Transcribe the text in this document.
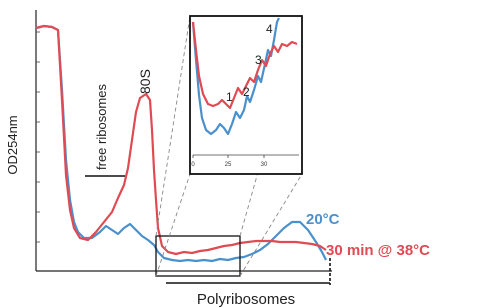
OD254nm	free ribosomes
80S
0	25	30
1 2
3
4
Polyribosomes
20°C
30 min @ 38°C
